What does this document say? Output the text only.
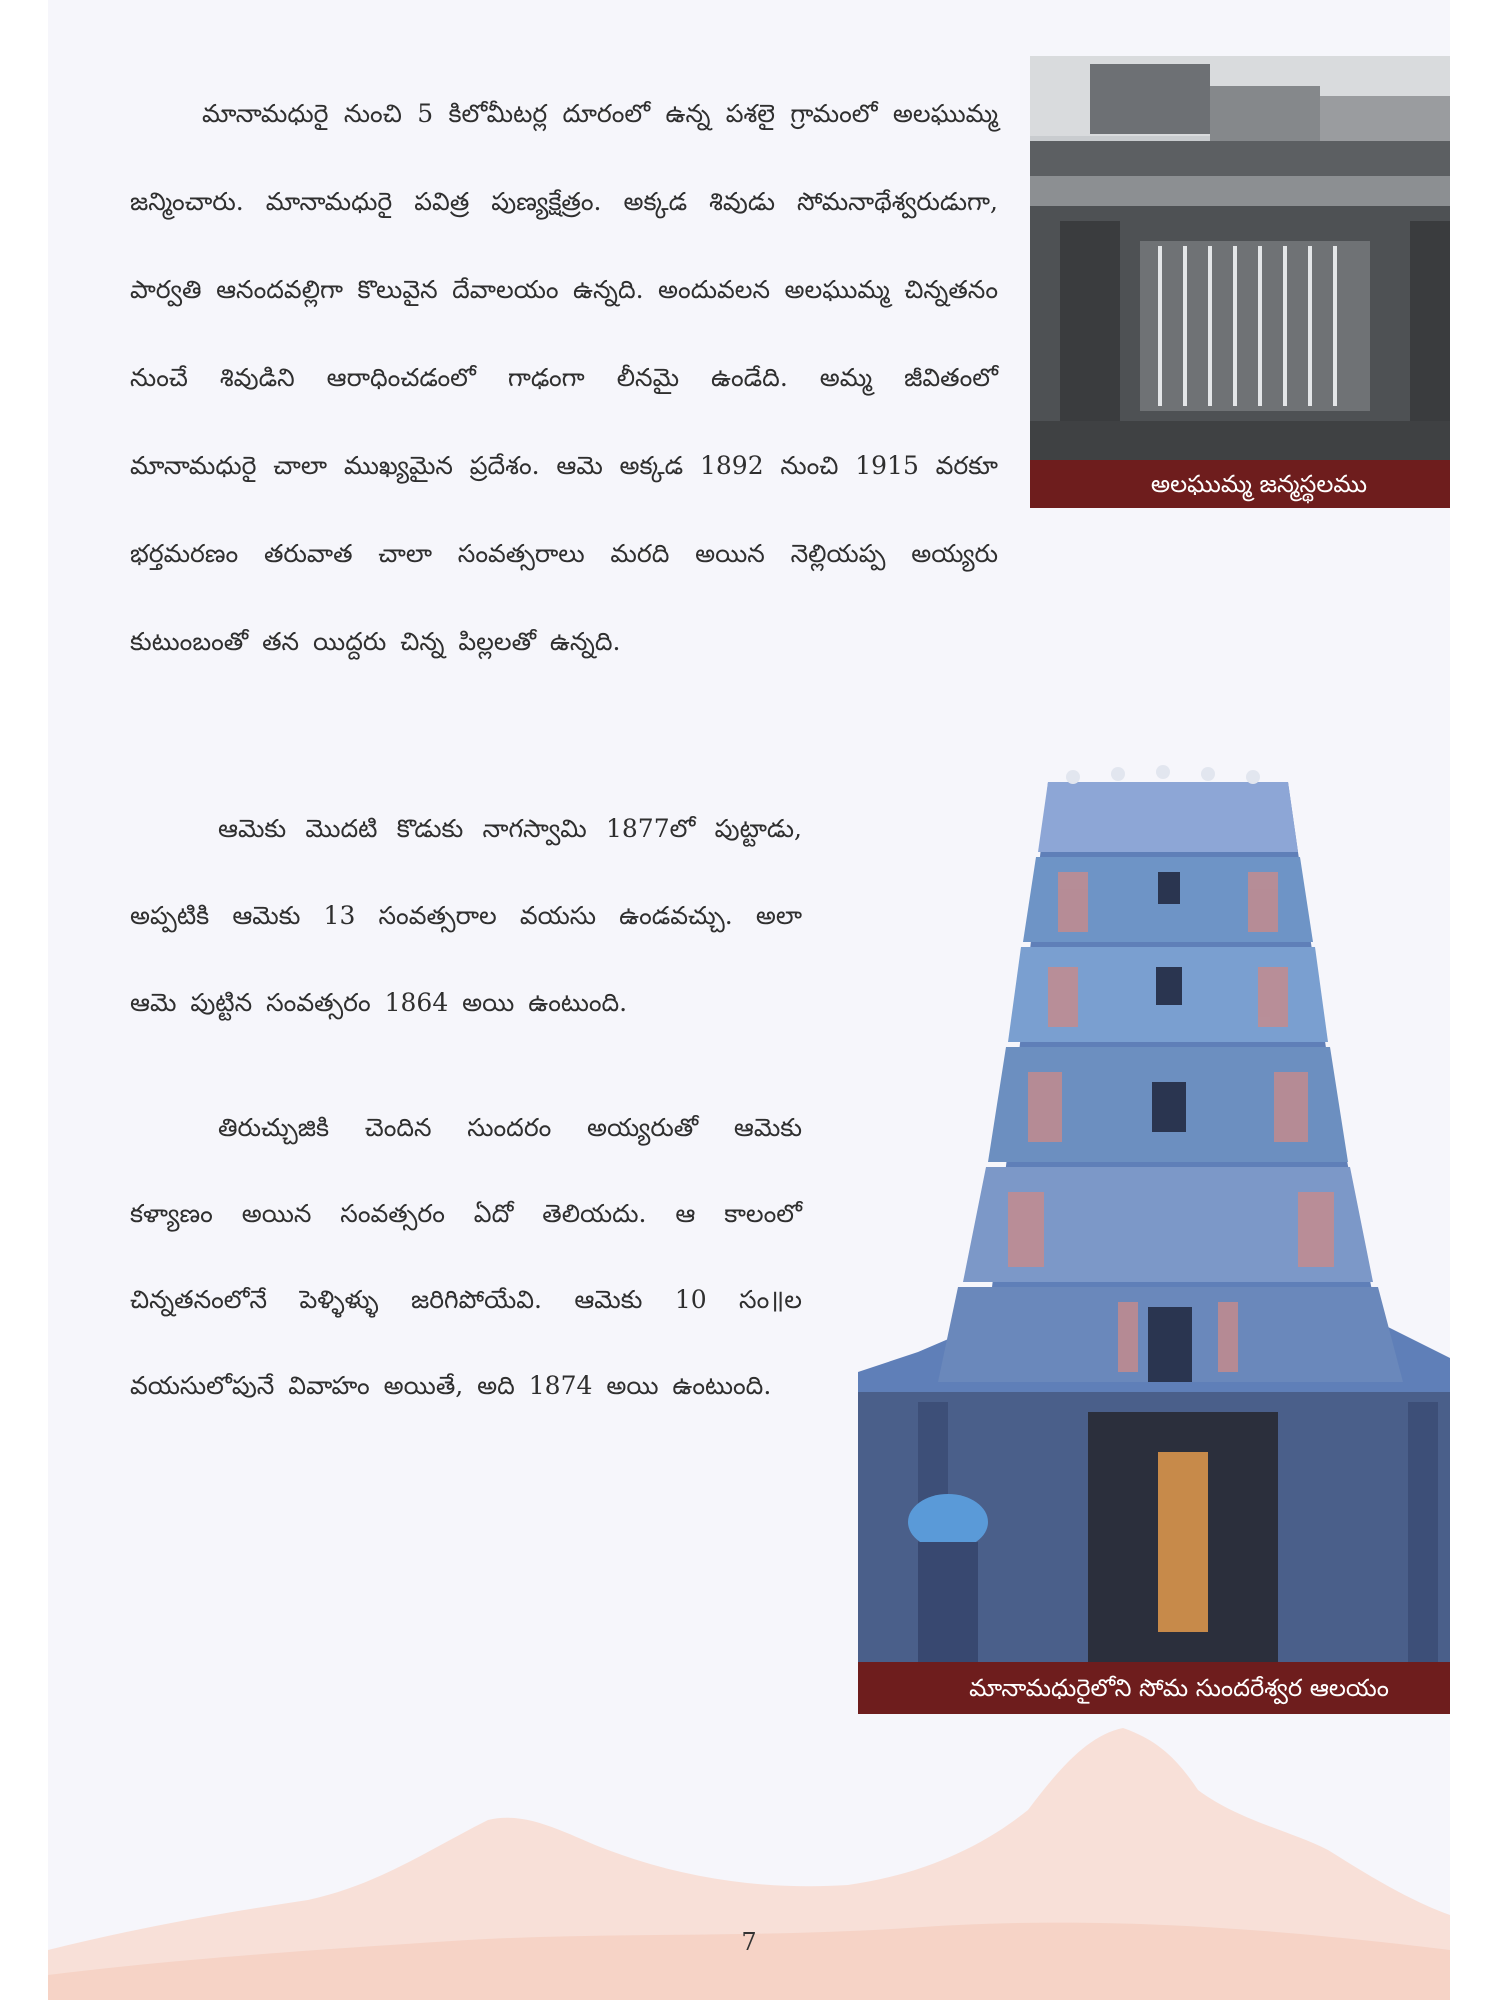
మానామధురై నుంచి 5 కిలోమీటర్ల దూరంలో ఉన్న పశలై గ్రామంలో అలఘుమ్మ జన్మించారు. మానామధురై పవిత్ర పుణ్యక్షేత్రం. అక్కడ శివుడు సోమనాథేశ్వరుడుగా, పార్వతి ఆనందవల్లిగా కొలువైన దేవాలయం ఉన్నది. అందువలన అలఘుమ్మ చిన్నతనం నుంచే శివుడిని ఆరాధించడంలో గాఢంగా లీనమై ఉండేది. అమ్మ జీవితంలో మానామధురై చాలా ముఖ్యమైన ప్రదేశం. ఆమె అక్కడ 1892 నుంచి 1915 వరకూ భర్తమరణం తరువాత చాలా సంవత్సరాలు మరది అయిన నెల్లియప్ప అయ్యరు కుటుంబంతో తన యిద్దరు చిన్న పిల్లలతో ఉన్నది.

ఆమెకు మొదటి కొడుకు నాగస్వామి 1877లో పుట్టాడు, అప్పటికి ఆమెకు 13 సంవత్సరాల వయసు ఉండవచ్చు. అలా ఆమె పుట్టిన సంవత్సరం 1864 అయి ఉంటుంది.

తిరుచ్చుజికి చెందిన సుందరం అయ్యరుతో ఆమెకు కళ్యాణం అయిన సంవత్సరం ఏదో తెలియదు. ఆ కాలంలో చిన్నతనంలోనే పెళ్ళిళ్ళు జరిగిపోయేవి. ఆమెకు 10 సం॥ల వయసులోపునే వివాహం అయితే, అది 1874 అయి ఉంటుంది.

అలఘుమ్మ జన్మస్థలము
మానామధురైలోని సోమ సుందరేశ్వర ఆలయం
7
